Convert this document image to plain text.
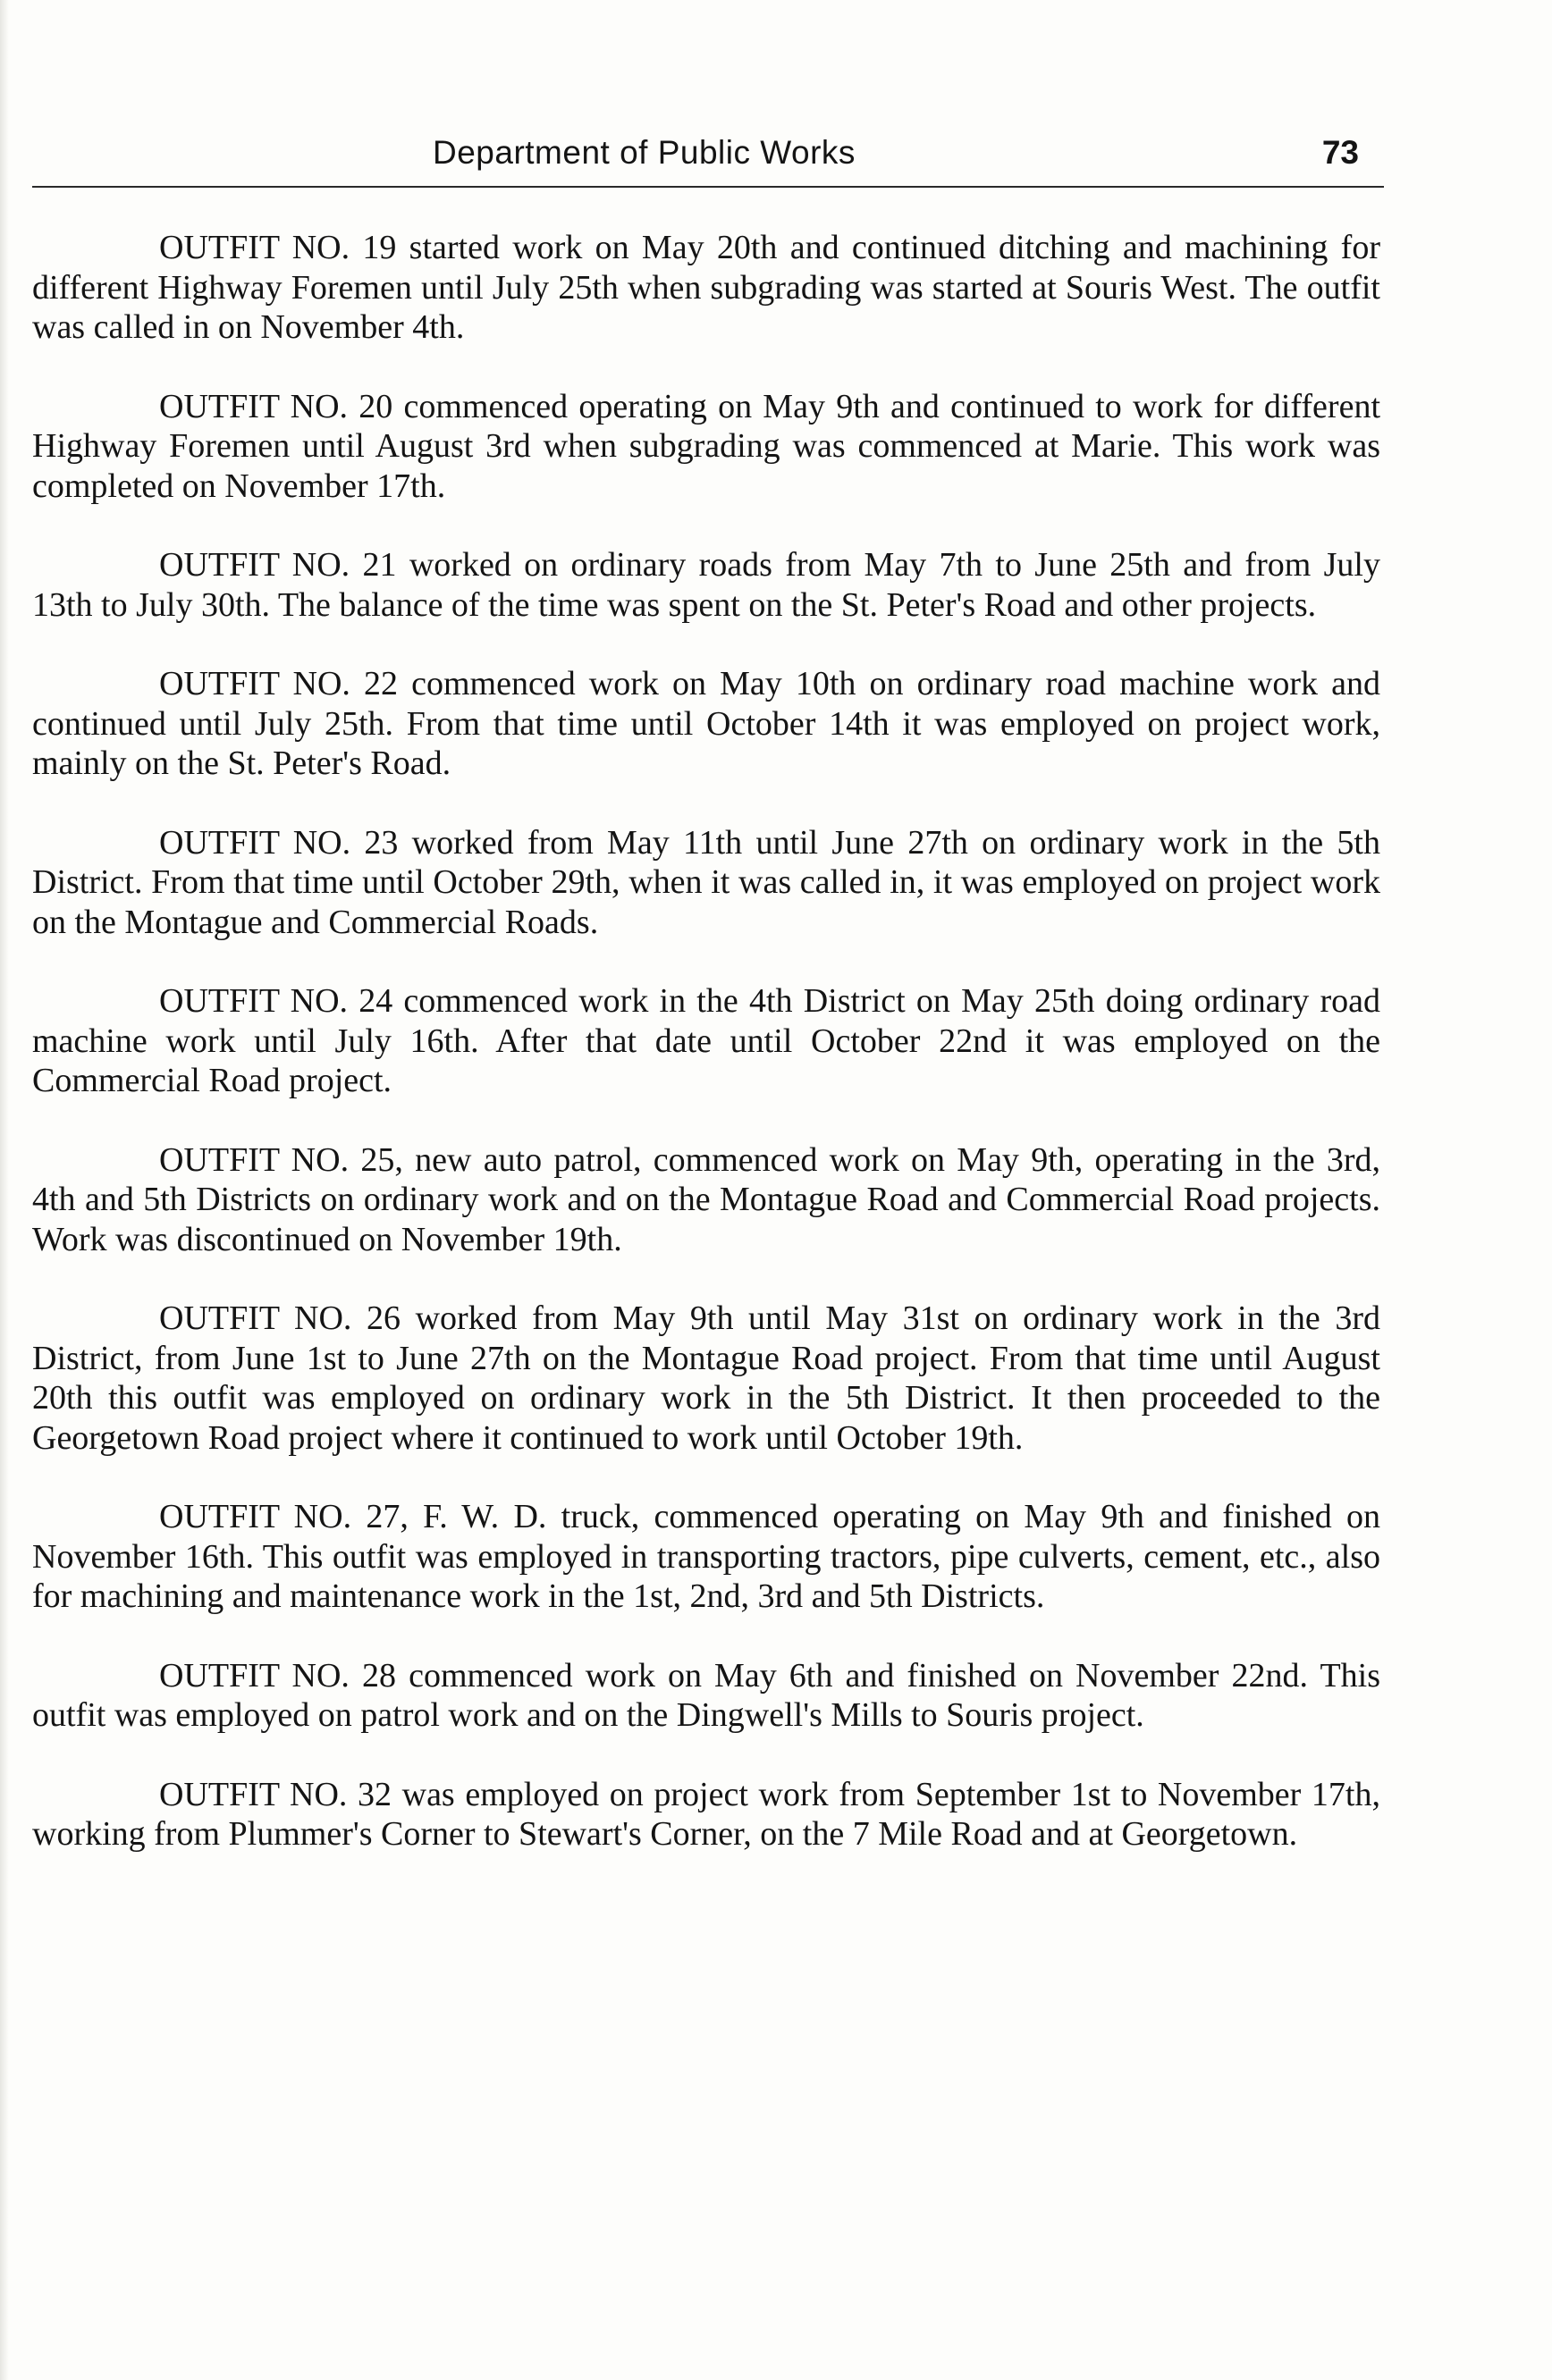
Department of Public Works	73

OUTFIT NO. 19 started work on May 20th and continued ditching and machining for different Highway Foremen until July 25th when subgrading was started at Souris West. The outfit was called in on November 4th.

OUTFIT NO. 20 commenced operating on May 9th and continued to work for different Highway Foremen until August 3rd when subgrading was commenced at Marie. This work was completed on November 17th.

OUTFIT NO. 21 worked on ordinary roads from May 7th to June 25th and from July 13th to July 30th. The balance of the time was spent on the St. Peter's Road and other projects.

OUTFIT NO. 22 commenced work on May 10th on ordinary road machine work and continued until July 25th. From that time until October 14th it was employed on project work, mainly on the St. Peter's Road.

OUTFIT NO. 23 worked from May 11th until June 27th on ordinary work in the 5th District. From that time until October 29th, when it was called in, it was employed on project work on the Montague and Commercial Roads.

OUTFIT NO. 24 commenced work in the 4th District on May 25th doing ordinary road machine work until July 16th. After that date until October 22nd it was employed on the Commercial Road project.

OUTFIT NO. 25, new auto patrol, commenced work on May 9th, operating in the 3rd, 4th and 5th Districts on ordinary work and on the Montague Road and Commercial Road projects. Work was discontinued on November 19th.

OUTFIT NO. 26 worked from May 9th until May 31st on ordinary work in the 3rd District, from June 1st to June 27th on the Montague Road project. From that time until August 20th this outfit was employed on ordinary work in the 5th District. It then proceeded to the Georgetown Road project where it continued to work until October 19th.

OUTFIT NO. 27, F. W. D. truck, commenced operating on May 9th and finished on November 16th. This outfit was employed in transporting tractors, pipe culverts, cement, etc., also for machining and maintenance work in the 1st, 2nd, 3rd and 5th Districts.

OUTFIT NO. 28 commenced work on May 6th and finished on November 22nd. This outfit was employed on patrol work and on the Dingwell's Mills to Souris project.

OUTFIT NO. 32 was employed on project work from September 1st to November 17th, working from Plummer's Corner to Stewart's Corner, on the 7 Mile Road and at Georgetown.
